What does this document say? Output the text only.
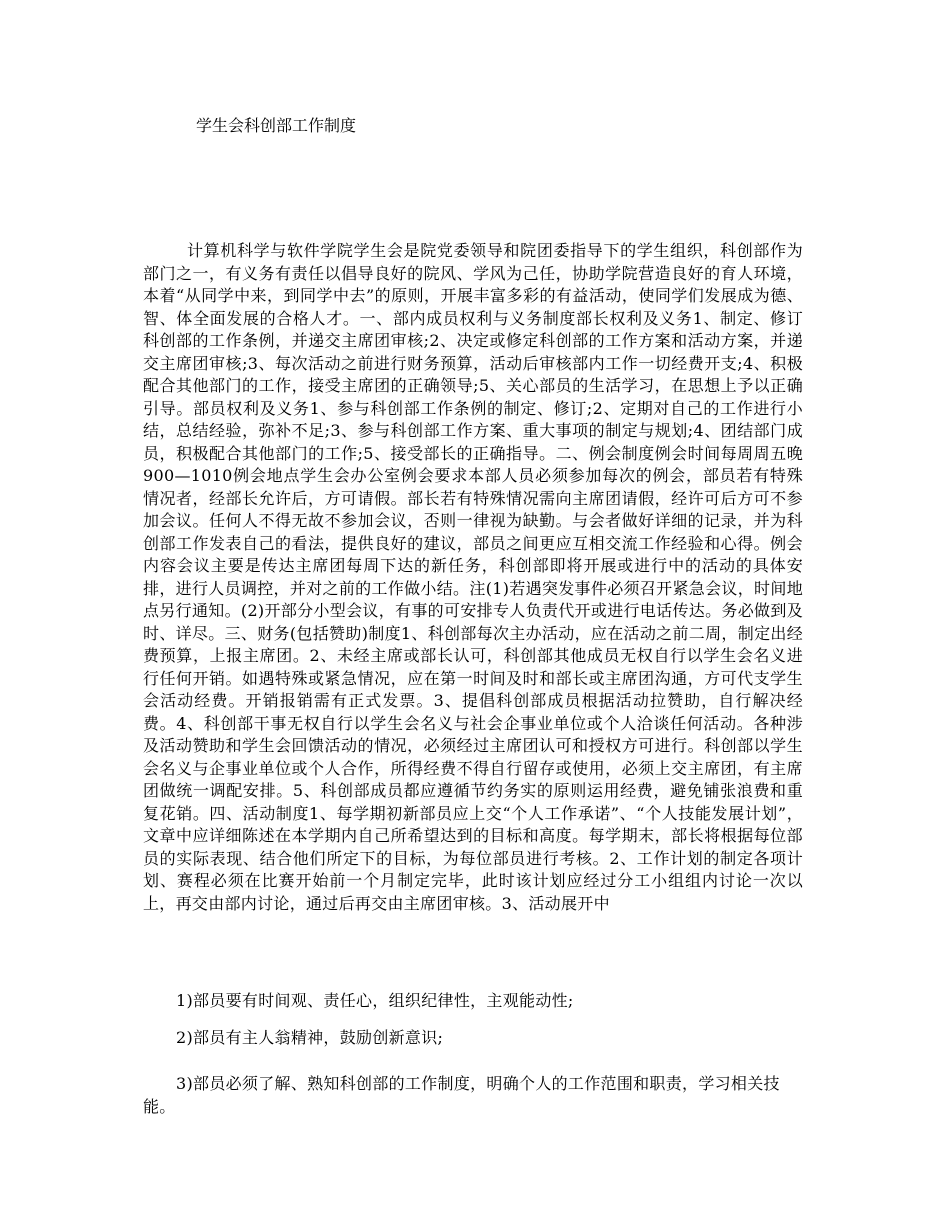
学生会科创部工作制度

计算机科学与软件学院学生会是院党委领导和院团委指导下的学生组织，科创部作为部门之一，有义务有责任以倡导良好的院风、学风为己任，协助学院营造良好的育人环境，本着“从同学中来，到同学中去”的原则，开展丰富多彩的有益活动，使同学们发展成为德、智、体全面发展的合格人才。一、部内成员权利与义务制度部长权利及义务1、制定、修订科创部的工作条例，并递交主席团审核;2、决定或修定科创部的工作方案和活动方案，并递交主席团审核;3、每次活动之前进行财务预算，活动后审核部内工作一切经费开支;4、积极配合其他部门的工作，接受主席团的正确领导;5、关心部员的生活学习，在思想上予以正确引导。部员权利及义务1、参与科创部工作条例的制定、修订;2、定期对自己的工作进行小结，总结经验，弥补不足;3、参与科创部工作方案、重大事项的制定与规划;4、团结部门成员，积极配合其他部门的工作;5、接受部长的正确指导。二、例会制度例会时间每周周五晚900—1010例会地点学生会办公室例会要求本部人员必须参加每次的例会，部员若有特殊情况者，经部长允许后，方可请假。部长若有特殊情况需向主席团请假，经许可后方可不参加会议。任何人不得无故不参加会议，否则一律视为缺勤。与会者做好详细的记录，并为科创部工作发表自己的看法，提供良好的建议，部员之间更应互相交流工作经验和心得。例会内容会议主要是传达主席团每周下达的新任务，科创部即将开展或进行中的活动的具体安排，进行人员调控，并对之前的工作做小结。注(1)若遇突发事件必须召开紧急会议，时间地点另行通知。(2)开部分小型会议，有事的可安排专人负责代开或进行电话传达。务必做到及时、详尽。三、财务(包括赞助)制度1、科创部每次主办活动，应在活动之前二周，制定出经费预算，上报主席团。2、未经主席或部长认可，科创部其他成员无权自行以学生会名义进行任何开销。如遇特殊或紧急情况，应在第一时间及时和部长或主席团沟通，方可代支学生会活动经费。开销报销需有正式发票。3、提倡科创部成员根据活动拉赞助，自行解决经费。4、科创部干事无权自行以学生会名义与社会企事业单位或个人洽谈任何活动。各种涉及活动赞助和学生会回馈活动的情况，必须经过主席团认可和授权方可进行。科创部以学生会名义与企事业单位或个人合作，所得经费不得自行留存或使用，必须上交主席团，有主席团做统一调配安排。5、科创部成员都应遵循节约务实的原则运用经费，避免铺张浪费和重复花销。四、活动制度1、每学期初新部员应上交“个人工作承诺”、“个人技能发展计划”，文章中应详细陈述在本学期内自己所希望达到的目标和高度。每学期末，部长将根据每位部员的实际表现、结合他们所定下的目标，为每位部员进行考核。2、工作计划的制定各项计划、赛程必须在比赛开始前一个月制定完毕，此时该计划应经过分工小组组内讨论一次以上，再交由部内讨论，通过后再交由主席团审核。3、活动展开中

1)部员要有时间观、责任心，组织纪律性，主观能动性;

2)部员有主人翁精神，鼓励创新意识;

3)部员必须了解、熟知科创部的工作制度，明确个人的工作范围和职责，学习相关技能。
